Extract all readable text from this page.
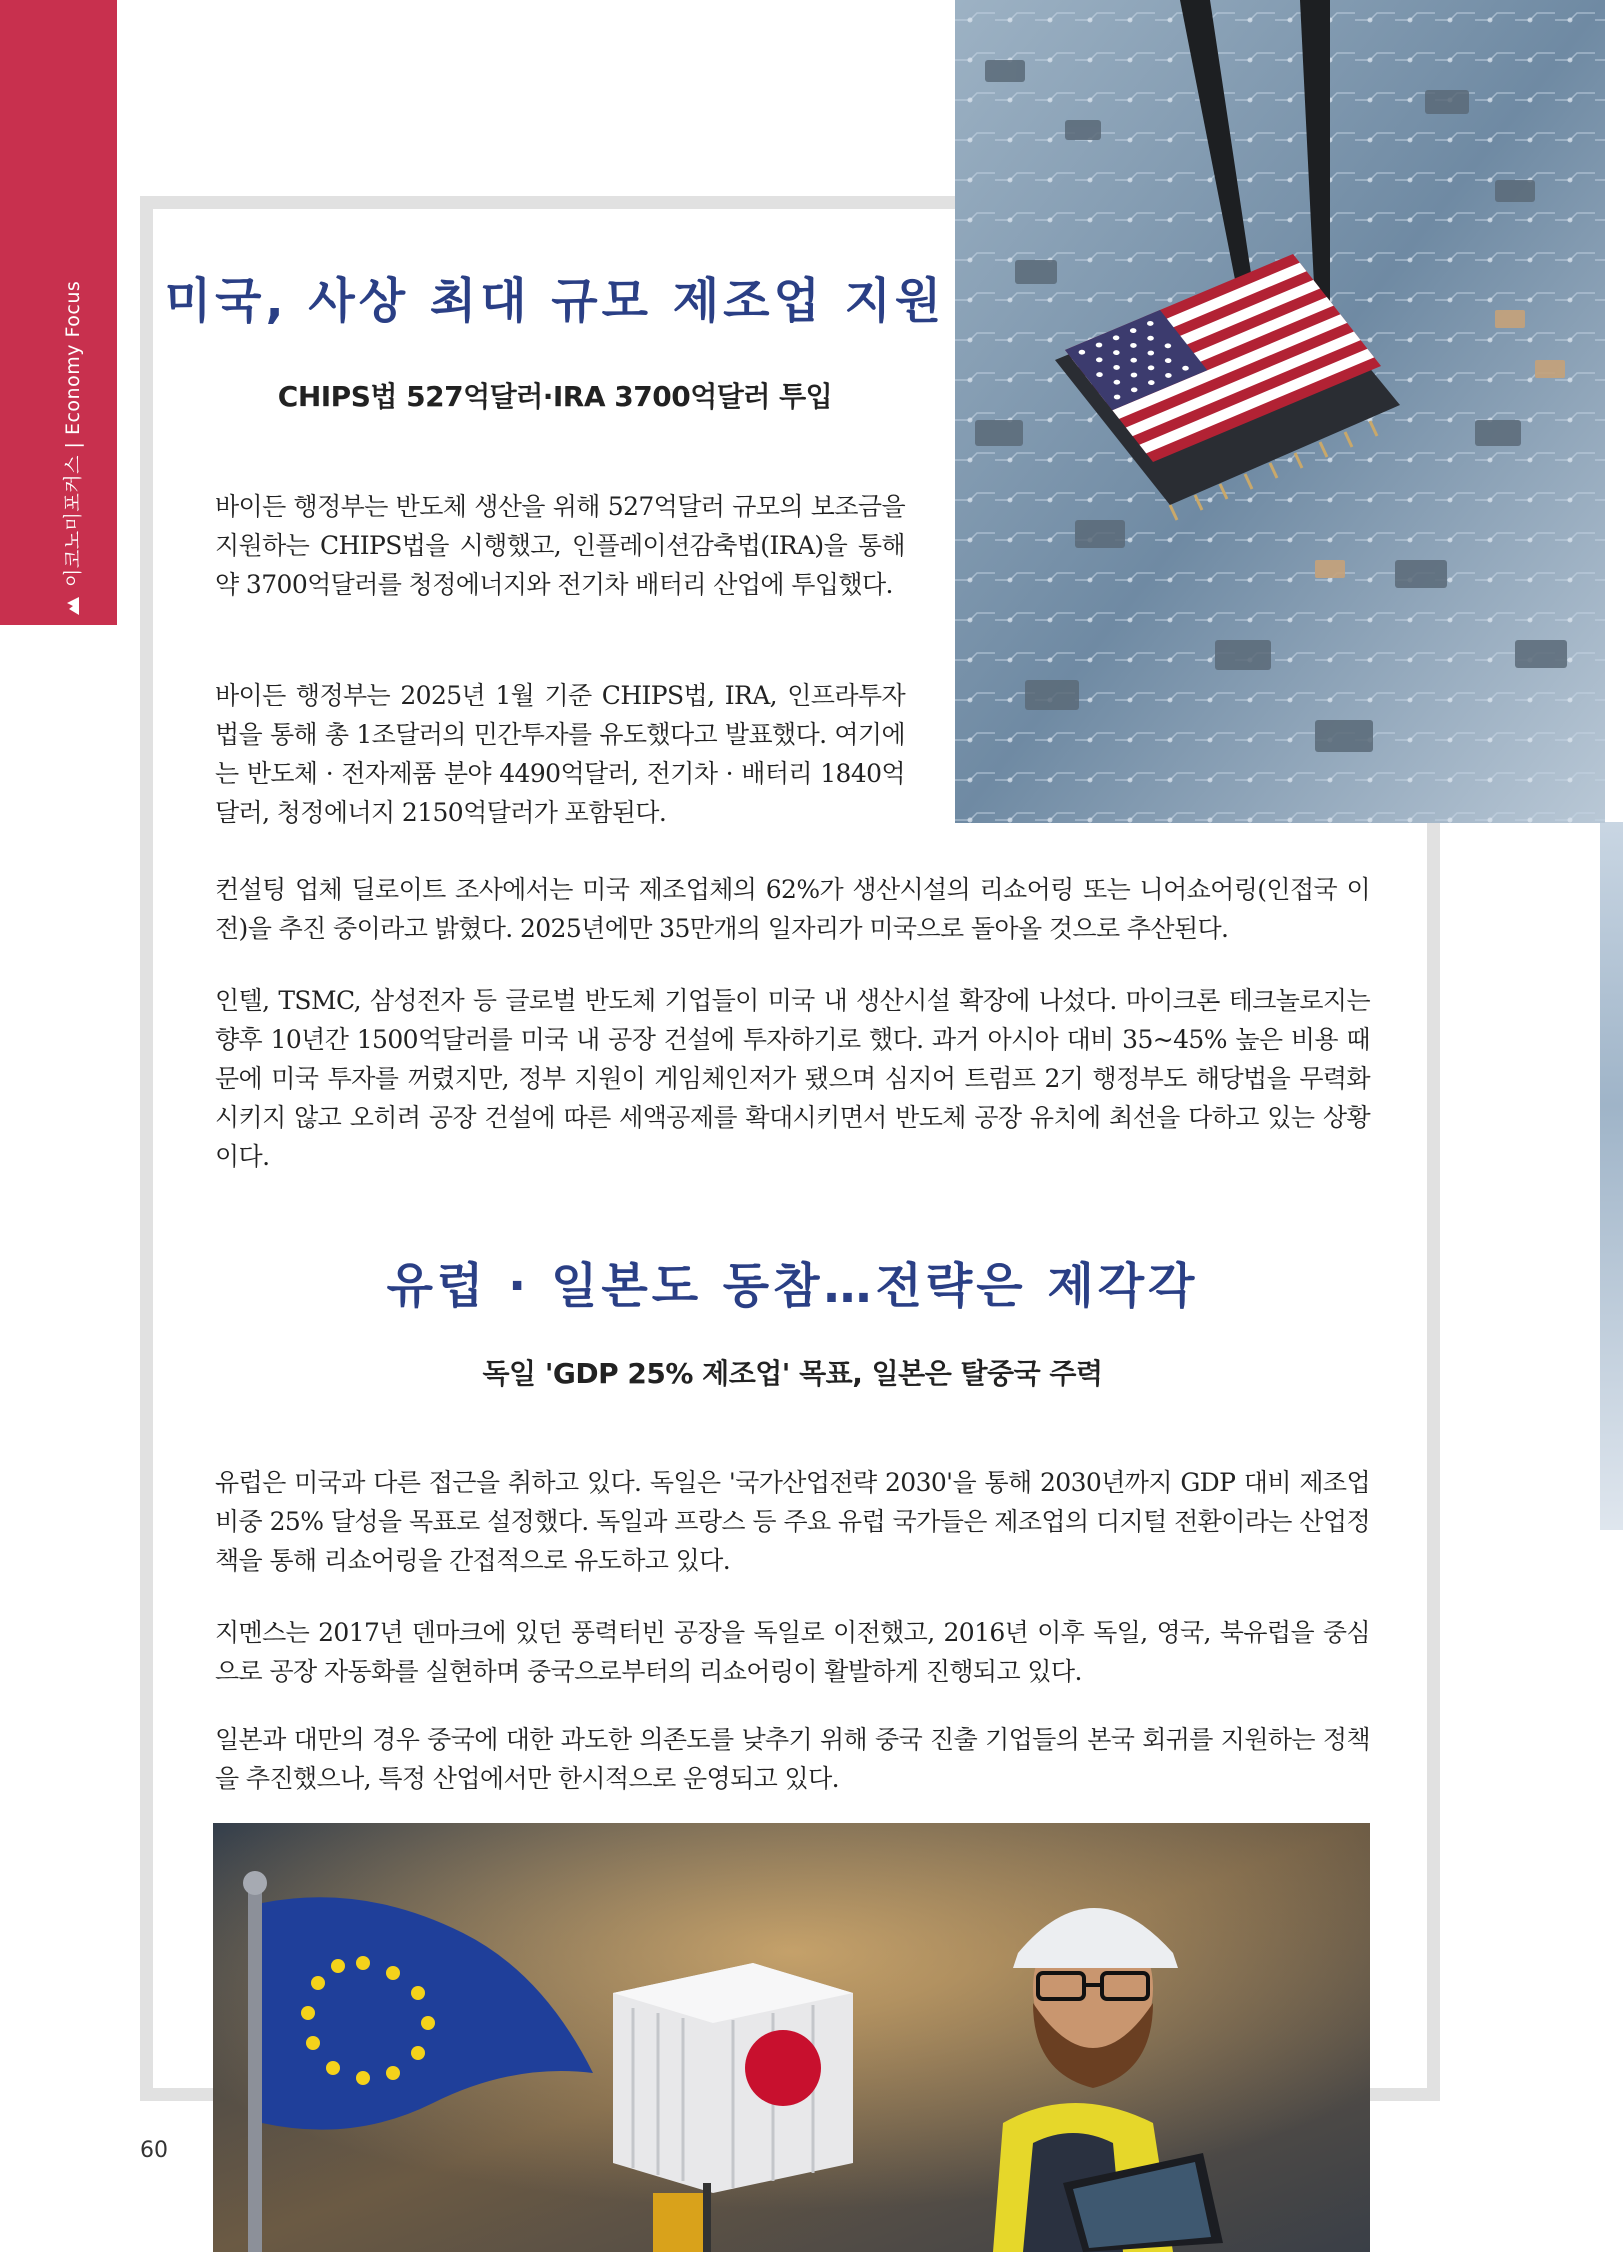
이코노미포커스 | Economy Focus	미국, 사상 최대 규모 제조업 지원
CHIPS법 527억달러·IRA 3700억달러 투입

바이든 행정부는 반도체 생산을 위해 527억달러 규모의 보조금을 지원하는 CHIPS법을 시행했고, 인플레이션감축법(IRA)을 통해 약 3700억달러를 청정에너지와 전기차 배터리 산업에 투입했다.

바이든 행정부는 2025년 1월 기준 CHIPS법, IRA, 인프라투자법을 통해 총 1조달러의 민간투자를 유도했다고 발표했다. 여기에는 반도체 · 전자제품 분야 4490억달러, 전기차 · 배터리 1840억달러, 청정에너지 2150억달러가 포함된다.

컨설팅 업체 딜로이트 조사에서는 미국 제조업체의 62%가 생산시설의 리쇼어링 또는 니어쇼어링(인접국 이전)을 추진 중이라고 밝혔다. 2025년에만 35만개의 일자리가 미국으로 돌아올 것으로 추산된다.

인텔, TSMC, 삼성전자 등 글로벌 반도체 기업들이 미국 내 생산시설 확장에 나섰다. 마이크론 테크놀로지는 향후 10년간 1500억달러를 미국 내 공장 건설에 투자하기로 했다. 과거 아시아 대비 35~45% 높은 비용 때문에 미국 투자를 꺼렸지만, 정부 지원이 게임체인저가 됐으며 심지어 트럼프 2기 행정부도 해당법을 무력화 시키지 않고 오히려 공장 건설에 따른 세액공제를 확대시키면서 반도체 공장 유치에 최선을 다하고 있는 상황이다.

유럽 · 일본도 동참…전략은 제각각
독일 'GDP 25% 제조업' 목표, 일본은 탈중국 주력

유럽은 미국과 다른 접근을 취하고 있다. 독일은 '국가산업전략 2030'을 통해 2030년까지 GDP 대비 제조업 비중 25% 달성을 목표로 설정했다. 독일과 프랑스 등 주요 유럽 국가들은 제조업의 디지털 전환이라는 산업정책을 통해 리쇼어링을 간접적으로 유도하고 있다.

지멘스는 2017년 덴마크에 있던 풍력터빈 공장을 독일로 이전했고, 2016년 이후 독일, 영국, 북유럽을 중심으로 공장 자동화를 실현하며 중국으로부터의 리쇼어링이 활발하게 진행되고 있다.

일본과 대만의 경우 중국에 대한 과도한 의존도를 낮추기 위해 중국 진출 기업들의 본국 회귀를 지원하는 정책을 추진했으나, 특정 산업에서만 한시적으로 운영되고 있다.

60
